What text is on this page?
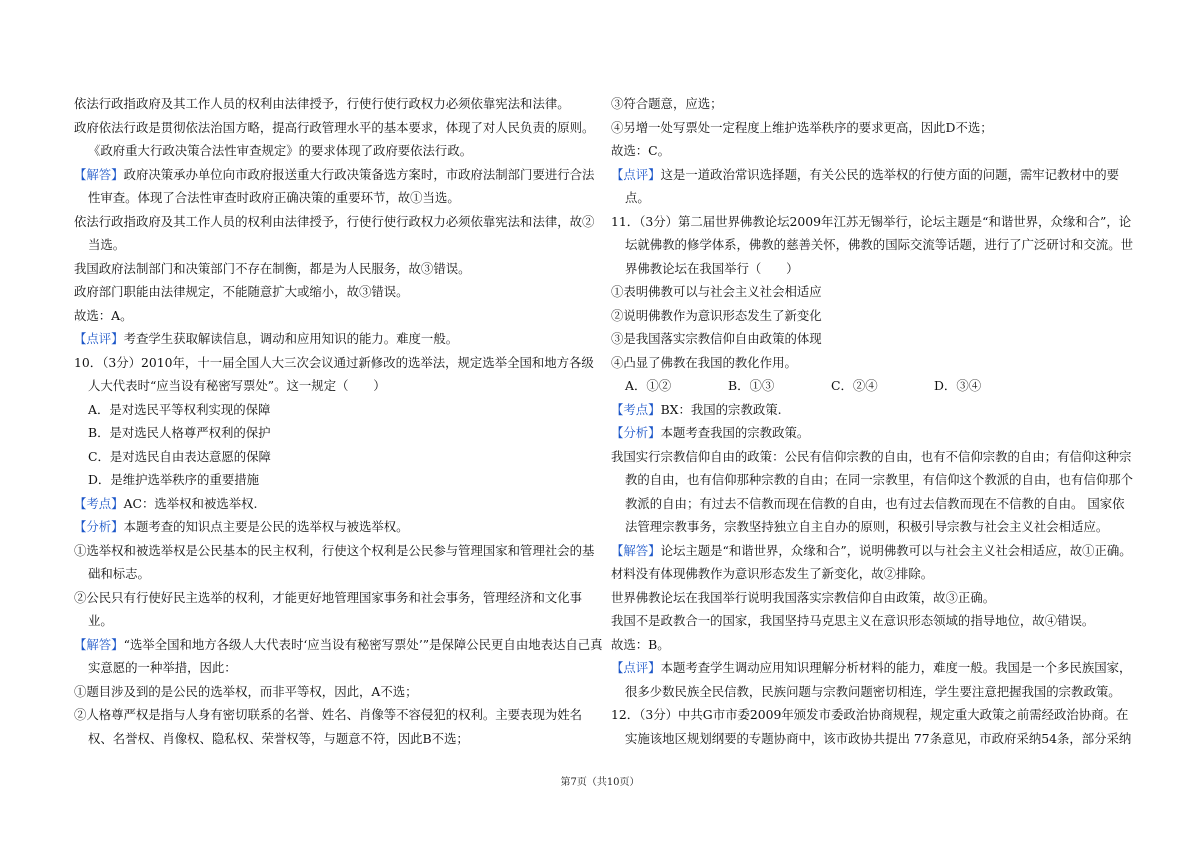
依法行政指政府及其工作人员的权利由法律授予，行使行使行政权力必须依靠宪法和法律。
政府依法行政是贯彻依法治国方略，提高行政管理水平的基本要求，体现了对人民负责的原则。
《政府重大行政决策合法性审查规定》的要求体现了政府要依法行政。
【解答】政府决策承办单位向市政府报送重大行政决策备选方案时，市政府法制部门要进行合法
性审查。体现了合法性审查时政府正确决策的重要环节，故①当选。
依法行政指政府及其工作人员的权利由法律授予，行使行使行政权力必须依靠宪法和法律，故②
当选。
我国政府法制部门和决策部门不存在制衡，都是为人民服务，故③错误。
政府部门职能由法律规定，不能随意扩大或缩小，故③错误。
故选：A。
【点评】考查学生获取解读信息，调动和应用知识的能力。难度一般。
10．（3分）2010年，十一届全国人大三次会议通过新修改的选举法，规定选举全国和地方各级
人大代表时“应当设有秘密写票处”。这一规定（　　）
A．是对选民平等权利实现的保障
B．是对选民人格尊严权利的保护
C．是对选民自由表达意愿的保障
D．是维护选举秩序的重要措施
【考点】AC：选举权和被选举权.
【分析】本题考查的知识点主要是公民的选举权与被选举权。
①选举权和被选举权是公民基本的民主权利，行使这个权利是公民参与管理国家和管理社会的基
础和标志。
②公民只有行使好民主选举的权利，才能更好地管理国家事务和社会事务，管理经济和文化事
业。
【解答】“选举全国和地方各级人大代表时‘应当设有秘密写票处’”是保障公民更自由地表达自己真
实意愿的一种举措，因此：
①题目涉及到的是公民的选举权，而非平等权，因此，A不选；
②人格尊严权是指与人身有密切联系的名誉、姓名、肖像等不容侵犯的权利。主要表现为姓名
权、名誉权、肖像权、隐私权、荣誉权等，与题意不符，因此B不选；
③符合题意，应选；
④另增一处写票处一定程度上维护选举秩序的要求更高，因此D不选；
故选：C。
【点评】这是一道政治常识选择题，有关公民的选举权的行使方面的问题，需牢记教材中的要
点。
11．（3分）第二届世界佛教论坛2009年江苏无锡举行，论坛主题是“和谐世界，众缘和合”，论
坛就佛教的修学体系，佛教的慈善关怀，佛教的国际交流等话题，进行了广泛研讨和交流。世
界佛教论坛在我国举行（　　）
①表明佛教可以与社会主义社会相适应
②说明佛教作为意识形态发生了新变化
③是我国落实宗教信仰自由政策的体现
④凸显了佛教在我国的教化作用。
A．①②	B．①③	C．②④	D．③④
【考点】BX：我国的宗教政策.
【分析】本题考查我国的宗教政策。
我国实行宗教信仰自由的政策：公民有信仰宗教的自由，也有不信仰宗教的自由；有信仰这种宗
教的自由，也有信仰那种宗教的自由；在同一宗教里，有信仰这个教派的自由，也有信仰那个
教派的自由；有过去不信教而现在信教的自由，也有过去信教而现在不信教的自由。 国家依
法管理宗教事务，宗教坚持独立自主自办的原则，积极引导宗教与社会主义社会相适应。
【解答】论坛主题是“和谐世界，众缘和合”，说明佛教可以与社会主义社会相适应，故①正确。
材料没有体现佛教作为意识形态发生了新变化，故②排除。
世界佛教论坛在我国举行说明我国落实宗教信仰自由政策，故③正确。
我国不是政教合一的国家，我国坚持马克思主义在意识形态领域的指导地位，故④错误。
故选：B。
【点评】本题考查学生调动应用知识理解分析材料的能力，难度一般。我国是一个多民族国家，
很多少数民族全民信教，民族问题与宗教问题密切相连，学生要注意把握我国的宗教政策。
12．（3分）中共G市市委2009年颁发市委政治协商规程，规定重大政策之前需经政治协商。在
实施该地区规划纲要的专题协商中，该市政协共提出 77条意见，市政府采纳54条，部分采纳
第7页（共10页）
